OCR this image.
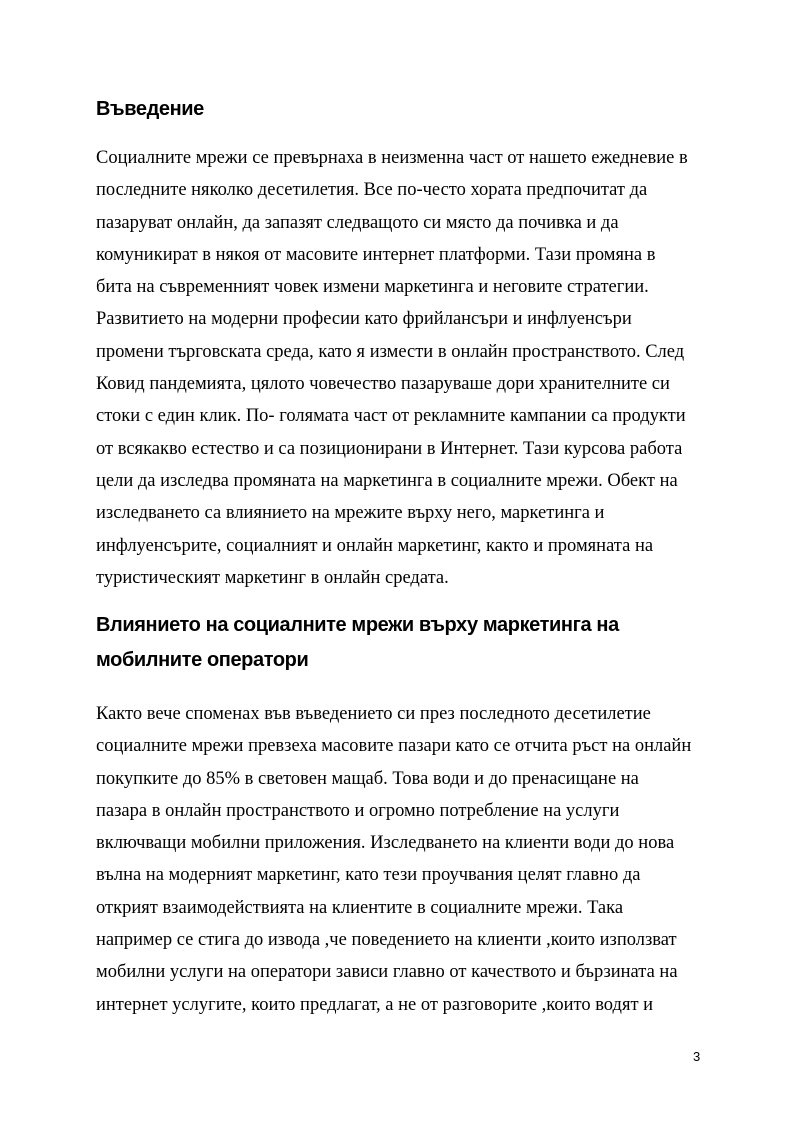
Въведение
Социалните мрежи се превърнаха в неизменна част от нашето ежедневие в
последните няколко десетилетия. Все по-често хората предпочитат да
пазаруват онлайн, да запазят следващото си място да почивка и да
комуникират в някоя от масовите интернет платформи. Тази промяна в
бита на съвременният човек измени маркетинга и неговите стратегии.
Развитието на модерни професии като фрийлансъри и инфлуенсъри
промени търговската среда, като я измести в онлайн пространството. След
Ковид пандемията, цялото човечество пазаруваше дори хранителните си
стоки с един клик. По- голямата част от рекламните кампании са продукти
от всякакво естество и са позиционирани в Интернет. Тази курсова работа
цели да изследва промяната на маркетинга в социалните мрежи. Обект на
изследването са влиянието на мрежите върху него, маркетинга и
инфлуенсърите, социалният и онлайн маркетинг, както и промяната на
туристическият маркетинг в онлайн средата.
Влиянието на социалните мрежи върху маркетинга на
мобилните оператори
Както вече споменах във въведението си през последното десетилетие
социалните мрежи превзеха масовите пазари като се отчита ръст на онлайн
покупките до 85% в световен мащаб. Това води и до пренасищане на
пазара в онлайн пространството и огромно потребление на услуги
включващи мобилни приложения. Изследването на клиенти води до нова
вълна на модерният маркетинг, като тези проучвания целят главно да
открият взаимодействията на клиентите в социалните мрежи. Така
например се стига до извода ,че поведението на клиенти ,които използват
мобилни услуги на оператори зависи главно от качеството и бързината на
интернет услугите, които предлагат, а не от разговорите ,които водят и
3
